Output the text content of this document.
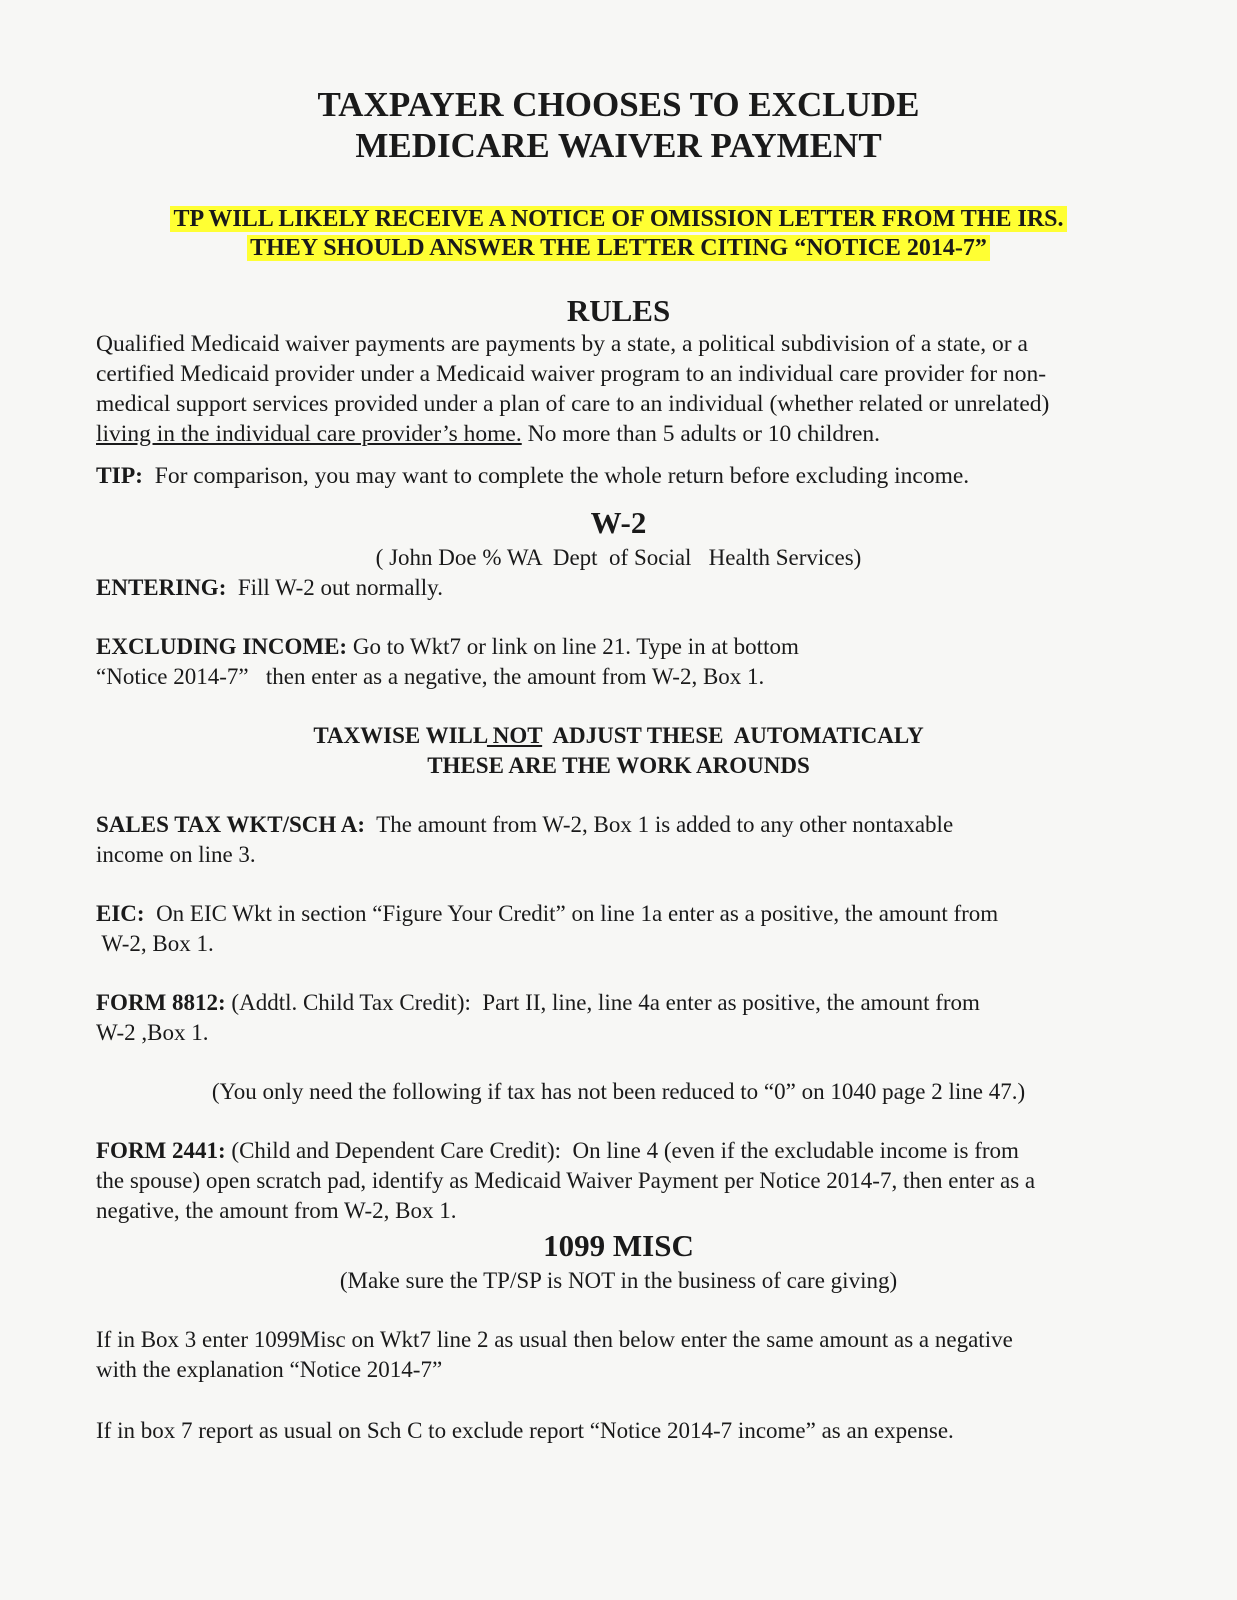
TAXPAYER CHOOSES TO EXCLUDE
MEDICARE WAIVER PAYMENT
TP WILL LIKELY RECEIVE A NOTICE OF OMISSION LETTER FROM THE IRS.
THEY SHOULD ANSWER THE LETTER CITING “NOTICE 2014-7”
RULES
Qualified Medicaid waiver payments are payments by a state, a political subdivision of a state, or a
certified Medicaid provider under a Medicaid waiver program to an individual care provider for non-
medical support services provided under a plan of care to an individual (whether related or unrelated)
living in the individual care provider’s home. No more than 5 adults or 10 children.
TIP:  For comparison, you may want to complete the whole return before excluding income.
W-2
( John Doe % WA  Dept  of Social   Health Services)
ENTERING:  Fill W-2 out normally.
EXCLUDING INCOME: Go to Wkt7 or link on line 21. Type in at bottom
“Notice 2014-7”   then enter as a negative, the amount from W-2, Box 1.
TAXWISE WILL NOT  ADJUST THESE  AUTOMATICALY
THESE ARE THE WORK AROUNDS
SALES TAX WKT/SCH A:  The amount from W-2, Box 1 is added to any other nontaxable
income on line 3.
EIC:  On EIC Wkt in section “Figure Your Credit” on line 1a enter as a positive, the amount from
W-2, Box 1.
FORM 8812: (Addtl. Child Tax Credit):  Part II, line, line 4a enter as positive, the amount from
W-2 ,Box 1.
(You only need the following if tax has not been reduced to “0” on 1040 page 2 line 47.)
FORM 2441: (Child and Dependent Care Credit):  On line 4 (even if the excludable income is from
the spouse) open scratch pad, identify as Medicaid Waiver Payment per Notice 2014-7, then enter as a
negative, the amount from W-2, Box 1.
1099 MISC
(Make sure the TP/SP is NOT in the business of care giving)
If in Box 3 enter 1099Misc on Wkt7 line 2 as usual then below enter the same amount as a negative
with the explanation “Notice 2014-7”
If in box 7 report as usual on Sch C to exclude report “Notice 2014-7 income” as an expense.
